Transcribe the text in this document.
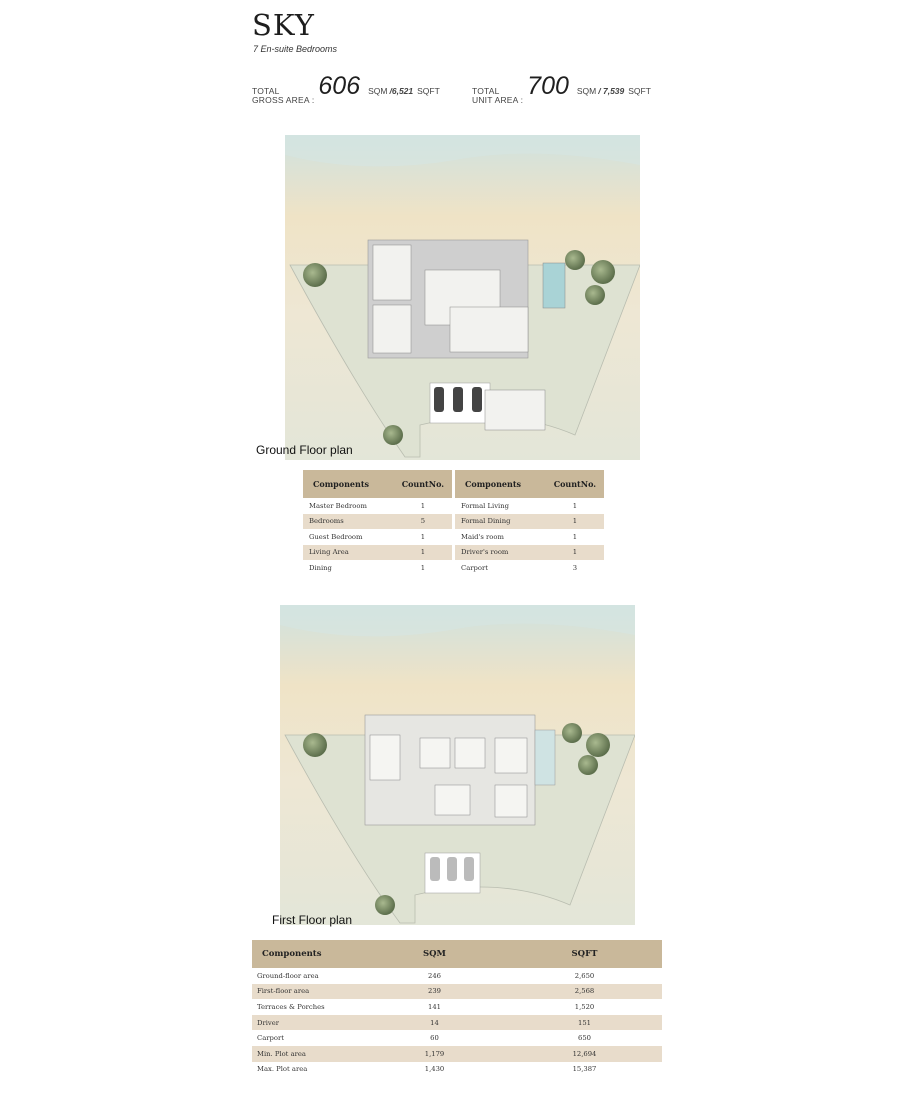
SKY
7 En-suite Bedrooms
TOTAL
GROSS AREA : 606 SQM /6,521 SQFT	TOTAL
UNIT AREA : 700 SQM / 7,539 SQFT
Ground Floor plan
Components	CountNo.
Master Bedroom	1
Bedrooms	5
Guest Bedroom	1
Living Area	1
Dining	1
Components	CountNo.
Formal Living	1
Formal Dining	1
Maid's room	1
Driver's room	1
Carport	3
First Floor plan
Components	SQM	SQFT
Ground-floor area	246	2,650
First-floor area	239	2,568
Terraces & Porches	141	1,520
Driver	14	151
Carport	60	650
Min. Plot area	1,179	12,694
Max. Plot area	1,430	15,387
